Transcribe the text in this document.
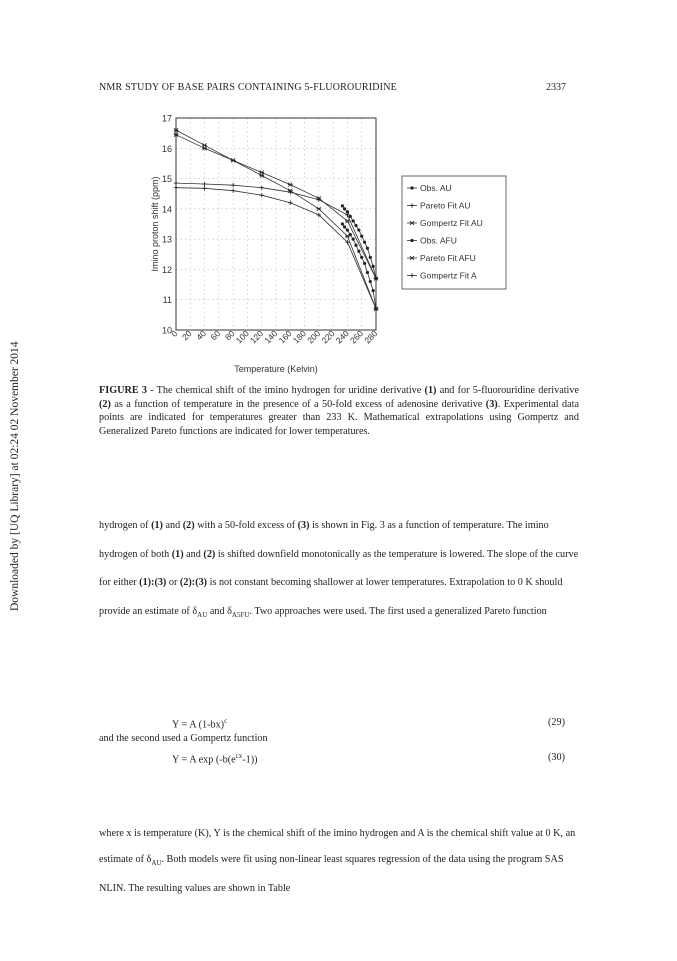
Downloaded by [UQ Library] at 02:24 02 November 2014
NMR STUDY OF BASE PAIRS CONTAINING 5-FLUOROURIDINE	2337
10
11
12
13
14
15
16
17
0 20 40 60 80
100
120
140
160
180
200
220
240
260
280
Temperature (Kelvin)
Imino proton shift (ppm)	Obs. AU
Pareto Fit AU
Gompertz Fit AU
Obs. AFU
Pareto Fit AFU
Gompertz Fit A
FIGURE 3 - The chemical shift of the imino hydrogen for uridine derivative (1) and for 5-fluorouridine derivative (2) as a function of temperature in the presence of a 50-fold excess of adenosine derivative (3). Experimental data points are indicated for temperatures greater than 233 K. Mathematical extrapolations using Gompertz and Generalized Pareto functions are indicated for lower temperatures.
hydrogen of (1) and (2) with a 50-fold excess of (3) is shown in Fig. 3 as a function of temperature. The imino hydrogen of both (1) and (2) is shifted downfield monotonically as the temperature is lowered. The slope of the curve for either (1):(3) or (2):(3) is not constant becoming shallower at lower temperatures. Extrapolation to 0 K should provide an estimate of $\delta_{AU}$ and $\delta_{A5FU}$. Two approaches were used. The first used a generalized Pareto function
Y = A $(1-bx)^c$	(29)
and the second used a Gompertz function
Y = A $\exp (-b(e^{cx}-1))$	(30)
where x is temperature (K), Y is the chemical shift of the imino hydrogen and A is the chemical shift value at 0 K, an estimate of $\delta_{AU}$. Both models were fit using non-linear least squares regression of the data using the program SAS NLIN. The resulting values are shown in Table
